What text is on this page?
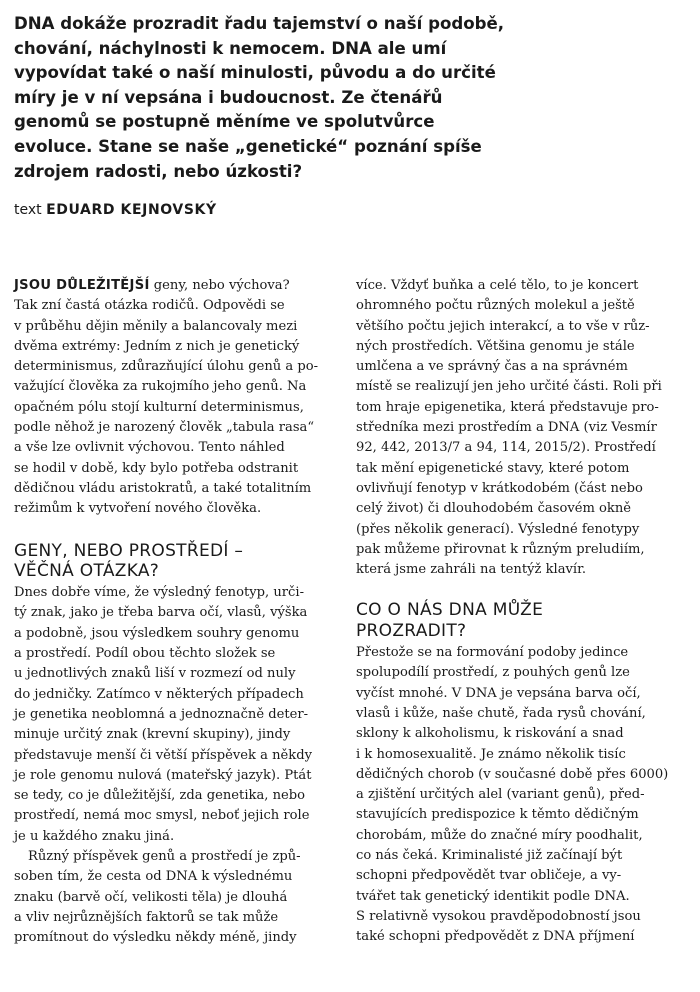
DNA dokáže prozradit řadu tajemství o naší podobě,
chování, náchylnosti k nemocem. DNA ale umí
vypovídat také o naší minulosti, původu a do určité
míry je v ní vepsána i budoucnost. Ze čtenářů
genomů se postupně měníme ve spolutvůrce
evoluce. Stane se naše „genetické“ poznání spíše
zdrojem radosti, nebo úzkosti?

text EDUARD KEJNOVSKÝ

JSOU DŮLEŽITĚJŠÍ geny, nebo výchova?
Tak zní častá otázka rodičů. Odpovědi se
v průběhu dějin měnily a balancovaly mezi
dvěma extrémy: Jedním z nich je genetický
determinismus, zdůrazňující úlohu genů a po-
važující člověka za rukojmího jeho genů. Na
opačném pólu stojí kulturní determinismus,
podle něhož je narozený člověk „tabula rasa“
a vše lze ovlivnit výchovou. Tento náhled
se hodil v době, kdy bylo potřeba odstranit
dědičnou vládu aristokratů, a také totalitním
režimům k vytvoření nového člověka.
GENY, NEBO PROSTŘEDÍ –
VĚČNÁ OTÁZKA?
Dnes dobře víme, že výsledný fenotyp, urči-
tý znak, jako je třeba barva očí, vlasů, výška
a podobně, jsou výsledkem souhry genomu
a prostředí. Podíl obou těchto složek se
u jednotlivých znaků liší v rozmezí od nuly
do jedničky. Zatímco v některých případech
je genetika neoblomná a jednoznačně deter-
minuje určitý znak (krevní skupiny), jindy
představuje menší či větší příspěvek a někdy
je role genomu nulová (mateřský jazyk). Ptát
se tedy, co je důležitější, zda genetika, nebo
prostředí, nemá moc smysl, neboť jejich role
je u každého znaku jiná.
Různý příspěvek genů a prostředí je způ-
soben tím, že cesta od DNA k výslednému
znaku (barvě očí, velikosti těla) je dlouhá
a vliv nejrůznějších faktorů se tak může
promítnout do výsledku někdy méně, jindy
více. Vždyť buňka a celé tělo, to je koncert
ohromného počtu různých molekul a ještě
většího počtu jejich interakcí, a to vše v růz-
ných prostředích. Většina genomu je stále
umlčena a ve správný čas a na správném
místě se realizují jen jeho určité části. Roli při
tom hraje epigenetika, která představuje pro-
středníka mezi prostředím a DNA (viz Vesmír
92, 442, 2013/7 a 94, 114, 2015/2). Prostředí
tak mění epigenetické stavy, které potom
ovlivňují fenotyp v krátkodobém (část nebo
celý život) či dlouhodobém časovém okně
(přes několik generací). Výsledné fenotypy
pak můžeme přirovnat k různým preludiím,
která jsme zahráli na tentýž klavír.
CO O NÁS DNA MŮŽE
PROZRADIT?
Přestože se na formování podoby jedince
spolupodílí prostředí, z pouhých genů lze
vyčíst mnohé. V DNA je vepsána barva očí,
vlasů i kůže, naše chutě, řada rysů chování,
sklony k alkoholismu, k riskování a snad
i k homosexualitě. Je známo několik tisíc
dědičných chorob (v současné době přes 6000)
a zjištění určitých alel (variant genů), před-
stavujících predispozice k těmto dědičným
chorobám, může do značné míry poodhalit,
co nás čeká. Kriminalisté již začínají být
schopni předpovědět tvar obličeje, a vy-
tvářet tak genetický identikit podle DNA.
S relativně vysokou pravděpodobností jsou
také schopni předpovědět z DNA příjmení
